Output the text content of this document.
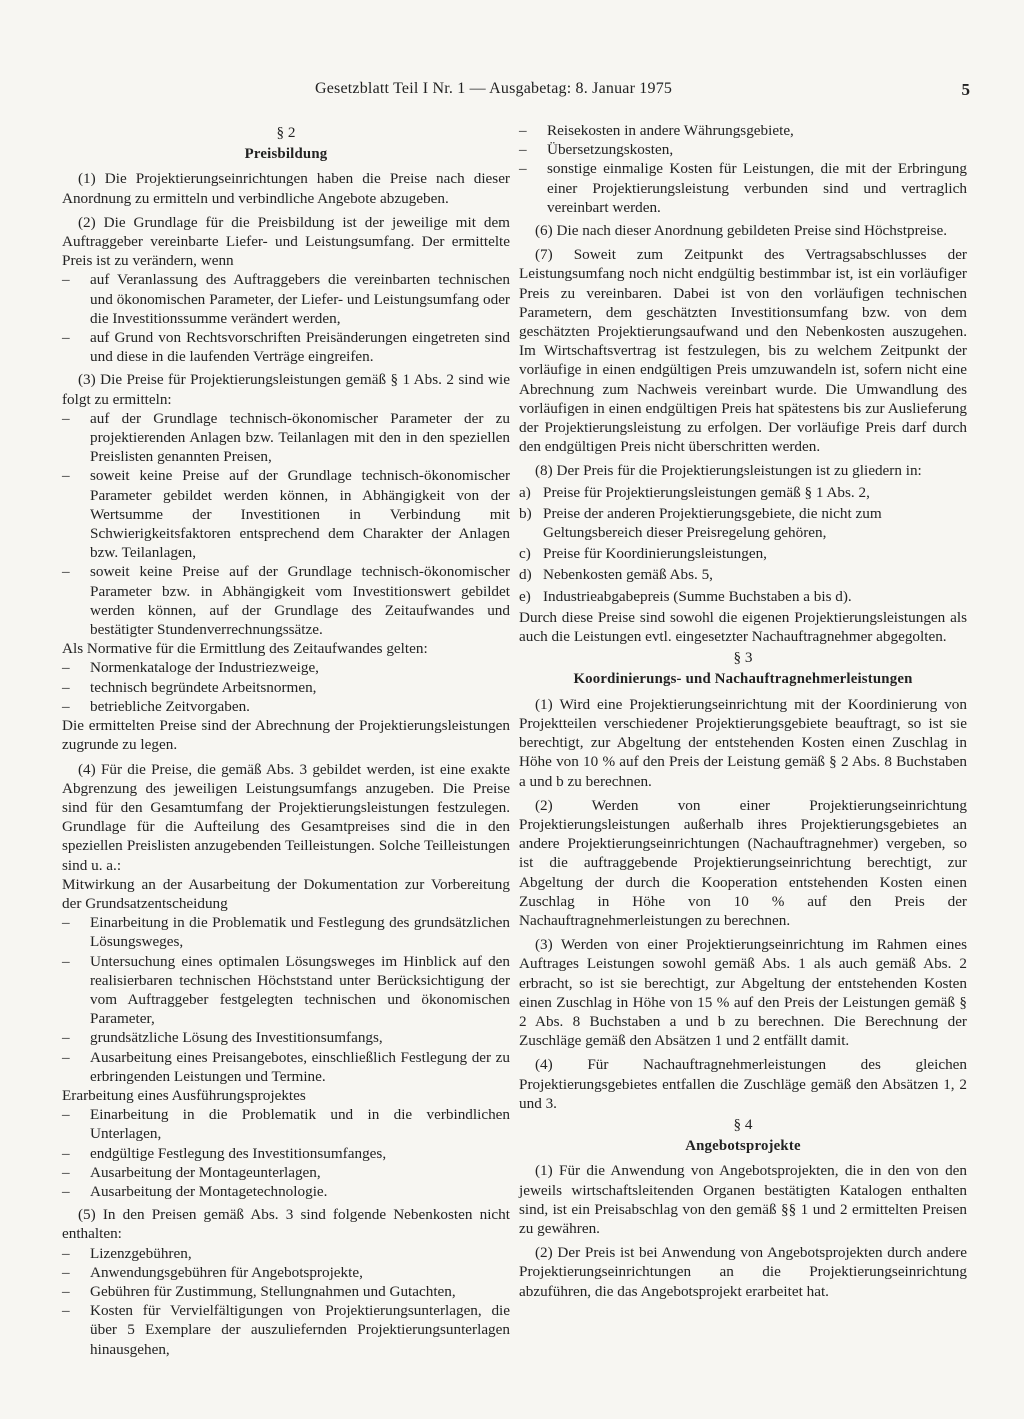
Gesetzblatt Teil I Nr. 1 — Ausgabetag: 8. Januar 1975	5
§ 2
Preisbildung

(1) Die Projektierungseinrichtungen haben die Preise nach dieser Anordnung zu ermitteln und verbindliche Angebote abzugeben.

(2) Die Grundlage für die Preisbildung ist der jeweilige mit dem Auftraggeber vereinbarte Liefer- und Leistungsumfang. Der ermittelte Preis ist zu verändern, wenn

– auf Veranlassung des Auftraggebers die vereinbarten technischen und ökonomischen Parameter, der Liefer- und Leistungsumfang oder die Investitionssumme verändert werden,
– auf Grund von Rechtsvorschriften Preisänderungen eingetreten sind und diese in die laufenden Verträge eingreifen.

(3) Die Preise für Projektierungsleistungen gemäß § 1 Abs. 2 sind wie folgt zu ermitteln:

– auf der Grundlage technisch-ökonomischer Parameter der zu projektierenden Anlagen bzw. Teilanlagen mit den in den speziellen Preislisten genannten Preisen,
– soweit keine Preise auf der Grundlage technisch-ökonomischer Parameter gebildet werden können, in Abhängigkeit von der Wertsumme der Investitionen in Verbindung mit Schwierigkeitsfaktoren entsprechend dem Charakter der Anlagen bzw. Teilanlagen,
– soweit keine Preise auf der Grundlage technisch-ökonomischer Parameter bzw. in Abhängigkeit vom Investitionswert gebildet werden können, auf der Grundlage des Zeitaufwandes und bestätigter Stundenverrechnungssätze.

Als Normative für die Ermittlung des Zeitaufwandes gelten:

– Normenkataloge der Industriezweige,
– technisch begründete Arbeitsnormen,
– betriebliche Zeitvorgaben.

Die ermittelten Preise sind der Abrechnung der Projektierungsleistungen zugrunde zu legen.

(4) Für die Preise, die gemäß Abs. 3 gebildet werden, ist eine exakte Abgrenzung des jeweiligen Leistungsumfangs anzugeben. Die Preise sind für den Gesamtumfang der Projektierungsleistungen festzulegen. Grundlage für die Aufteilung des Gesamtpreises sind die in den speziellen Preislisten anzugebenden Teilleistungen. Solche Teilleistungen sind u. a.:

Mitwirkung an der Ausarbeitung der Dokumentation zur Vorbereitung der Grundsatzentscheidung

– Einarbeitung in die Problematik und Festlegung des grundsätzlichen Lösungsweges,
– Untersuchung eines optimalen Lösungsweges im Hinblick auf den realisierbaren technischen Höchststand unter Berücksichtigung der vom Auftraggeber festgelegten technischen und ökonomischen Parameter,
– grundsätzliche Lösung des Investitionsumfangs,
– Ausarbeitung eines Preisangebotes, einschließlich Festlegung der zu erbringenden Leistungen und Termine.

Erarbeitung eines Ausführungsprojektes

– Einarbeitung in die Problematik und in die verbindlichen Unterlagen,
– endgültige Festlegung des Investitionsumfanges,
– Ausarbeitung der Montageunterlagen,
– Ausarbeitung der Montagetechnologie.

(5) In den Preisen gemäß Abs. 3 sind folgende Nebenkosten nicht enthalten:

– Lizenzgebühren,
– Anwendungsgebühren für Angebotsprojekte,
– Gebühren für Zustimmung, Stellungnahmen und Gutachten,
– Kosten für Vervielfältigungen von Projektierungsunterlagen, die über 5 Exemplare der auszuliefernden Projektierungsunterlagen hinausgehen,
– Reisekosten in andere Währungsgebiete,
– Übersetzungskosten,
– sonstige einmalige Kosten für Leistungen, die mit der Erbringung einer Projektierungsleistung verbunden sind und vertraglich vereinbart werden.

(6) Die nach dieser Anordnung gebildeten Preise sind Höchstpreise.

(7) Soweit zum Zeitpunkt des Vertragsabschlusses der Leistungsumfang noch nicht endgültig bestimmbar ist, ist ein vorläufiger Preis zu vereinbaren. Dabei ist von den vorläufigen technischen Parametern, dem geschätzten Investitionsumfang bzw. von dem geschätzten Projektierungsaufwand und den Nebenkosten auszugehen. Im Wirtschaftsvertrag ist festzulegen, bis zu welchem Zeitpunkt der vorläufige in einen endgültigen Preis umzuwandeln ist, sofern nicht eine Abrechnung zum Nachweis vereinbart wurde. Die Umwandlung des vorläufigen in einen endgültigen Preis hat spätestens bis zur Auslieferung der Projektierungsleistung zu erfolgen. Der vorläufige Preis darf durch den endgültigen Preis nicht überschritten werden.

(8) Der Preis für die Projektierungsleistungen ist zu gliedern in:

a) Preise für Projektierungsleistungen gemäß § 1 Abs. 2,
b) Preise der anderen Projektierungsgebiete, die nicht zum Geltungsbereich dieser Preisregelung gehören,
c) Preise für Koordinierungsleistungen,
d) Nebenkosten gemäß Abs. 5,
e) Industrieabgabepreis (Summe Buchstaben a bis d).

Durch diese Preise sind sowohl die eigenen Projektierungsleistungen als auch die Leistungen evtl. eingesetzter Nachauftragnehmer abgegolten.

§ 3
Koordinierungs- und Nachauftragnehmerleistungen

(1) Wird eine Projektierungseinrichtung mit der Koordinierung von Projektteilen verschiedener Projektierungsgebiete beauftragt, so ist sie berechtigt, zur Abgeltung der entstehenden Kosten einen Zuschlag in Höhe von 10 % auf den Preis der Leistung gemäß § 2 Abs. 8 Buchstaben a und b zu berechnen.

(2) Werden von einer Projektierungseinrichtung Projektierungsleistungen außerhalb ihres Projektierungsgebietes an andere Projektierungseinrichtungen (Nachauftragnehmer) vergeben, so ist die auftraggebende Projektierungseinrichtung berechtigt, zur Abgeltung der durch die Kooperation entstehenden Kosten einen Zuschlag in Höhe von 10 % auf den Preis der Nachauftragnehmerleistungen zu berechnen.

(3) Werden von einer Projektierungseinrichtung im Rahmen eines Auftrages Leistungen sowohl gemäß Abs. 1 als auch gemäß Abs. 2 erbracht, so ist sie berechtigt, zur Abgeltung der entstehenden Kosten einen Zuschlag in Höhe von 15 % auf den Preis der Leistungen gemäß § 2 Abs. 8 Buchstaben a und b zu berechnen. Die Berechnung der Zuschläge gemäß den Absätzen 1 und 2 entfällt damit.

(4) Für Nachauftragnehmerleistungen des gleichen Projektierungsgebietes entfallen die Zuschläge gemäß den Absätzen 1, 2 und 3.

§ 4
Angebotsprojekte

(1) Für die Anwendung von Angebotsprojekten, die in den von den jeweils wirtschaftsleitenden Organen bestätigten Katalogen enthalten sind, ist ein Preisabschlag von den gemäß §§ 1 und 2 ermittelten Preisen zu gewähren.

(2) Der Preis ist bei Anwendung von Angebotsprojekten durch andere Projektierungseinrichtungen an die Projektierungseinrichtung abzuführen, die das Angebotsprojekt erarbeitet hat.
